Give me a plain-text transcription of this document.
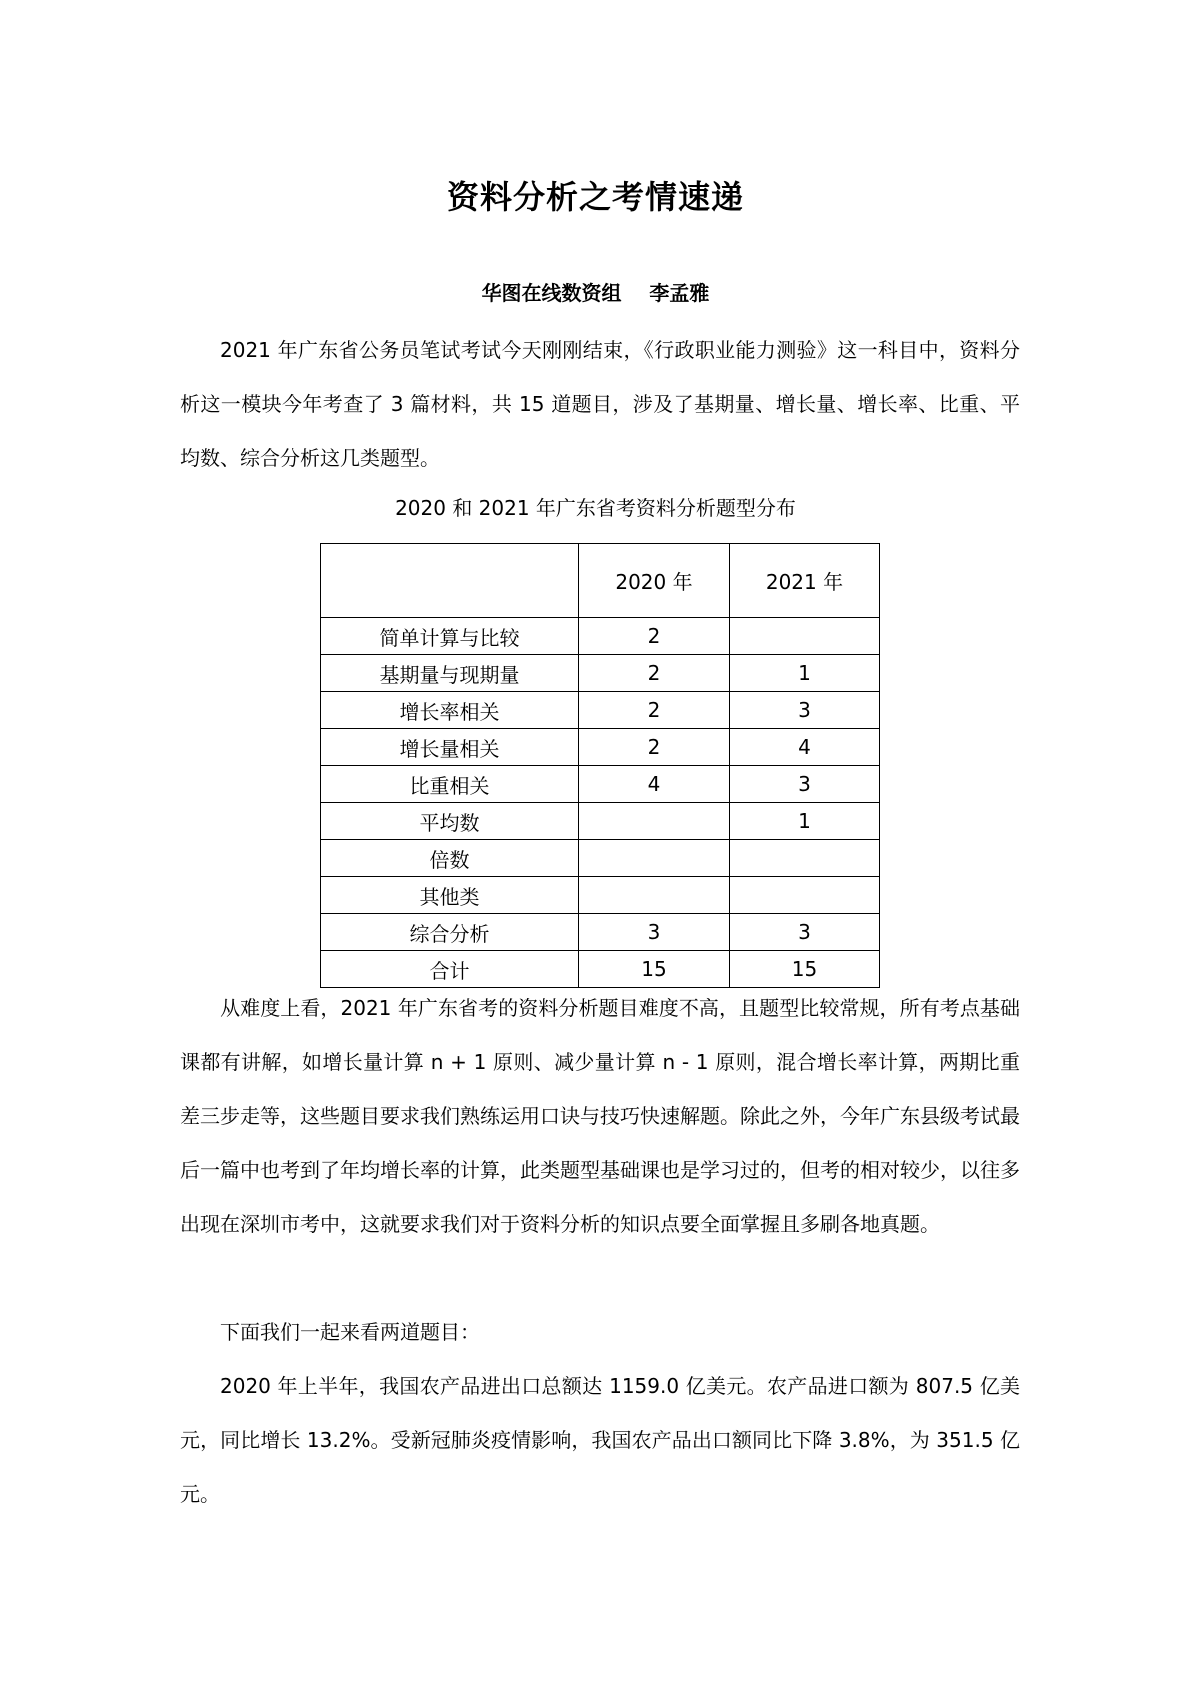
资料分析之考情速递
华图在线数资组    李孟雅
2021 年广东省公务员笔试考试今天刚刚结束，《行政职业能力测验》这一科目中，资料分析这一模块今年考查了 3 篇材料，共 15 道题目，涉及了基期量、增长量、增长率、比重、平均数、综合分析这几类题型。
2020 和 2021 年广东省考资料分析题型分布
	2020 年	2021 年
简单计算与比较	2	
基期量与现期量	2	1
增长率相关	2	3
增长量相关	2	4
比重相关	4	3
平均数		1
倍数		
其他类		
综合分析	3	3
合计	15	15
从难度上看，2021 年广东省考的资料分析题目难度不高，且题型比较常规，所有考点基础课都有讲解，如增长量计算 n + 1 原则、减少量计算 n - 1 原则，混合增长率计算，两期比重差三步走等，这些题目要求我们熟练运用口诀与技巧快速解题。除此之外，今年广东县级考试最后一篇中也考到了年均增长率的计算，此类题型基础课也是学习过的，但考的相对较少，以往多出现在深圳市考中，这就要求我们对于资料分析的知识点要全面掌握且多刷各地真题。
下面我们一起来看两道题目：
2020 年上半年，我国农产品进出口总额达 1159.0 亿美元。农产品进口额为 807.5 亿美元，同比增长 13.2%。受新冠肺炎疫情影响，我国农产品出口额同比下降 3.8%，为 351.5 亿元。
